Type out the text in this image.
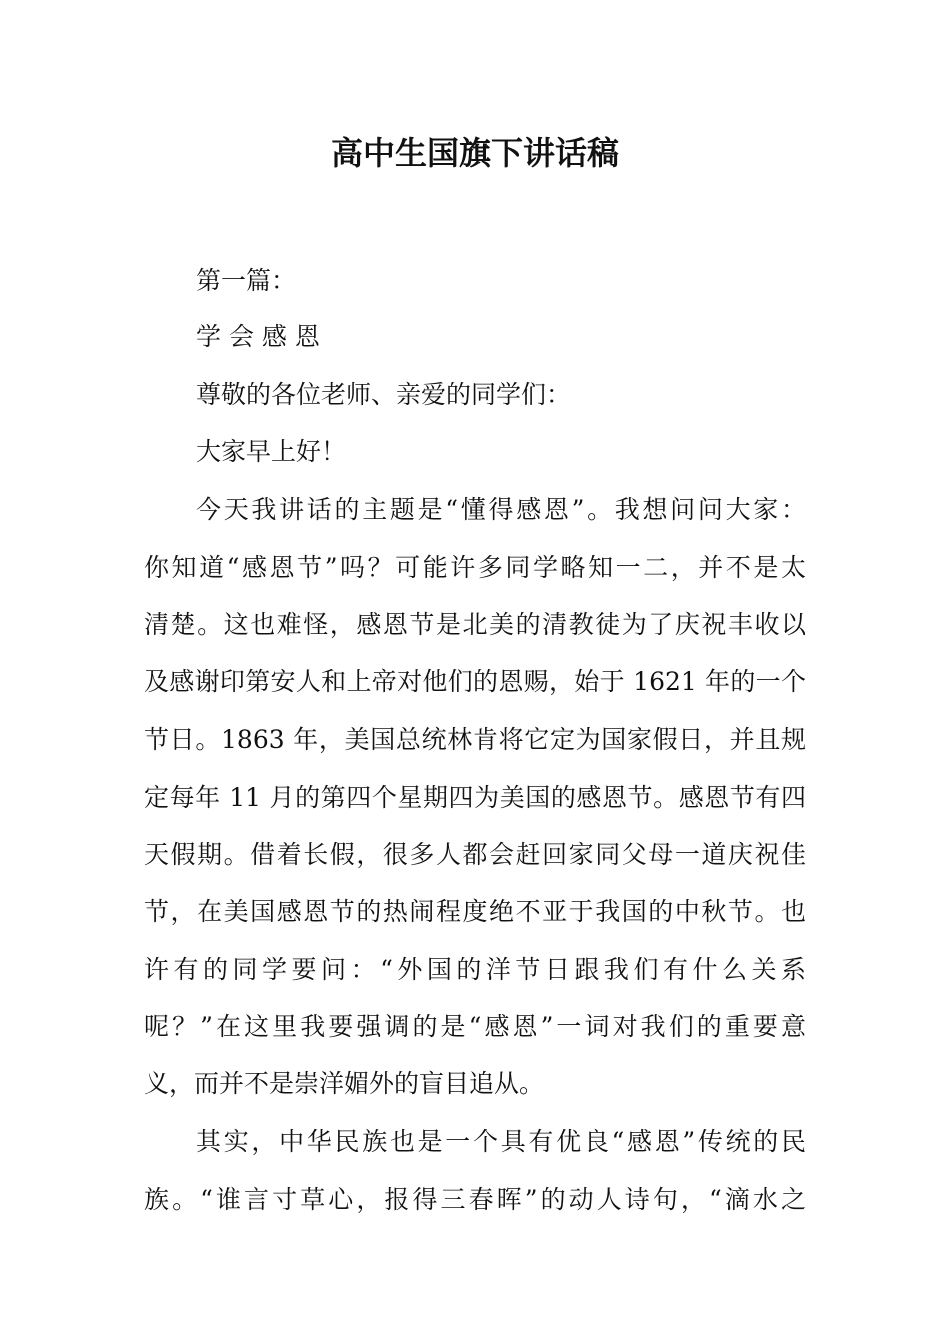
高中生国旗下讲话稿
第一篇：
学 会 感 恩
尊敬的各位老师、亲爱的同学们：
大家早上好！
今天我讲话的主题是“懂得感恩”。我想问问大家：
你知道“感恩节”吗？可能许多同学略知一二，并不是太
清楚。这也难怪，感恩节是北美的清教徒为了庆祝丰收以
及感谢印第安人和上帝对他们的恩赐，始于 1621 年的一个
节日。1863 年，美国总统林肯将它定为国家假日，并且规
定每年 11 月的第四个星期四为美国的感恩节。感恩节有四
天假期。借着长假，很多人都会赶回家同父母一道庆祝佳
节，在美国感恩节的热闹程度绝不亚于我国的中秋节。也
许有的同学要问：“外国的洋节日跟我们有什么关系
呢？”在这里我要强调的是“感恩”一词对我们的重要意
义，而并不是崇洋媚外的盲目追从。
其实，中华民族也是一个具有优良“感恩”传统的民
族。“谁言寸草心，报得三春晖”的动人诗句，“滴水之
